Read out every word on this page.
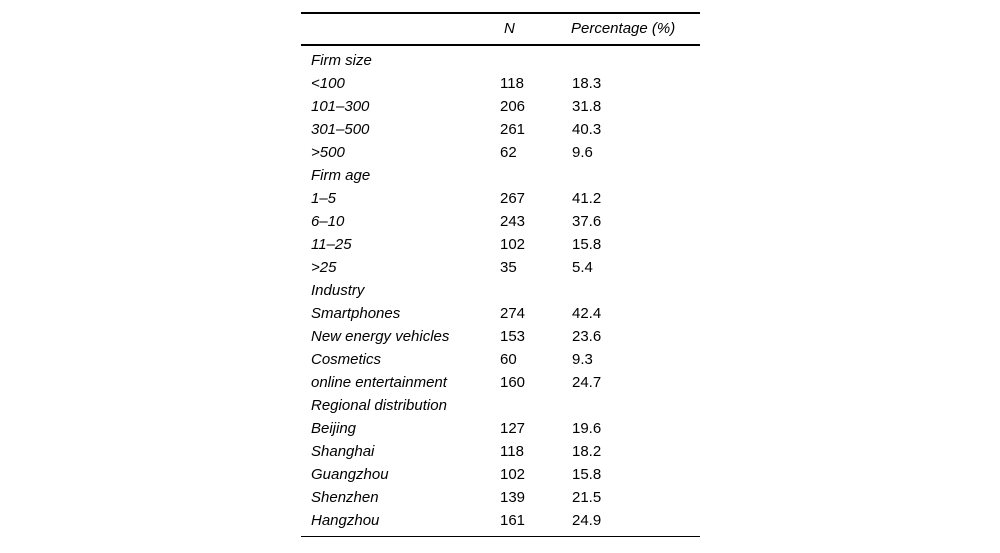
	N	Percentage (%)
Firm size		
<100	118	18.3
101–300	206	31.8
301–500	261	40.3
>500	62	9.6
Firm age		
1–5	267	41.2
6–10	243	37.6
11–25	102	15.8
>25	35	5.4
Industry		
Smartphones	274	42.4
New energy vehicles	153	23.6
Cosmetics	60	9.3
online entertainment	160	24.7
Regional distribution		
Beijing	127	19.6
Shanghai	118	18.2
Guangzhou	102	15.8
Shenzhen	139	21.5
Hangzhou	161	24.9
